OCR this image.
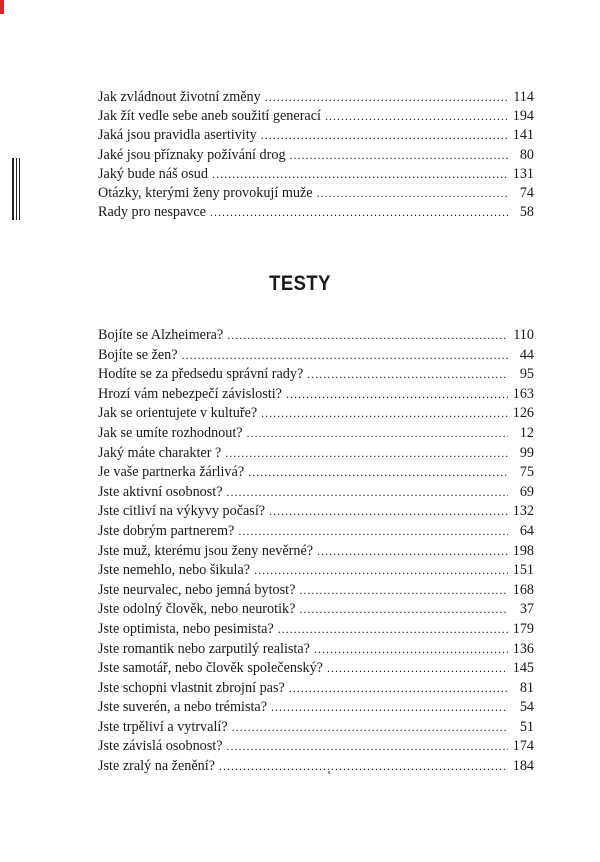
Jak zvládnout životní změny .....	114
Jak žít vedle sebe aneb soužití generací .....	194
Jaká jsou pravidla asertivity .....	141
Jaké jsou příznaky požívání drog .....	80
Jaký bude náš osud .....	131
Otázky, kterými ženy provokují muže .....	74
Rady pro nespavce .....	58
TESTY
Bojíte se Alzheimera? .....	110
Bojíte se žen? .....	44
Hodíte se za předsedu správní rady? .....	95
Hrozí vám nebezpečí závislosti? .....	163
Jak se orientujete v kultuře? .....	126
Jak se umíte rozhodnout? .....	12
Jaký máte charakter ? .....	99
Je vaše partnerka žárlivá? .....	75
Jste aktivní osobnost? .....	69
Jste citliví na výkyvy počasí? .....	132
Jste dobrým partnerem? .....	64
Jste muž, kterému jsou ženy nevěrné? .....	198
Jste nemehlo, nebo šikula? .....	151
Jste neurvalec, nebo jemná bytost? .....	168
Jste odolný člověk, nebo neurotik? .....	37
Jste optimista, nebo pesimista? .....	179
Jste romantik nebo zarputilý realista? .....	136
Jste samotář, nebo člověk společenský? .....	145
Jste schopni vlastnit zbrojní pas? .....	81
Jste suverén, a nebo trémista? .....	54
Jste trpěliví a vytrvalí? .....	51
Jste závislá osobnost? .....	174
Jste zralý na ženění? .....	184
